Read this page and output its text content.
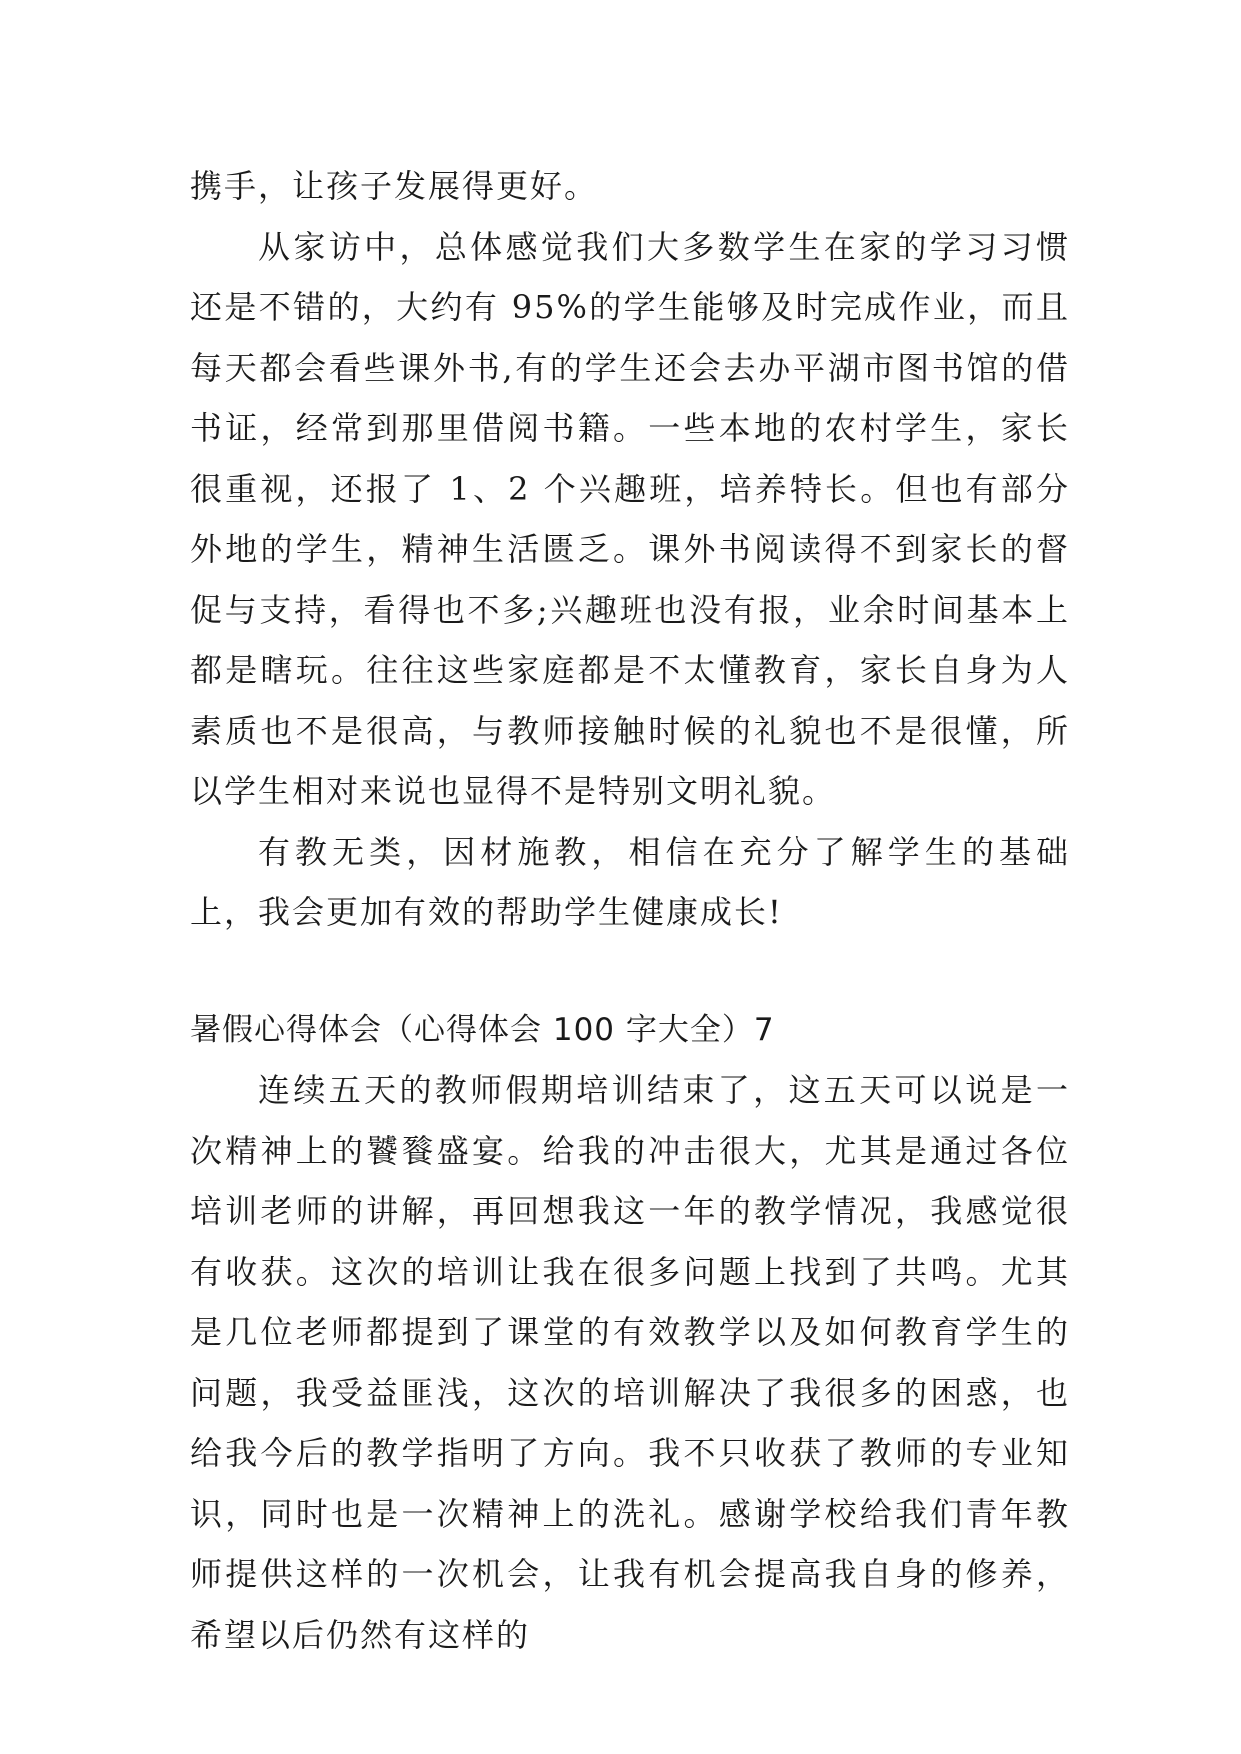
携手，让孩子发展得更好。

从家访中，总体感觉我们大多数学生在家的学习习惯还是不错的，大约有 95%的学生能够及时完成作业，而且每天都会看些课外书,有的学生还会去办平湖市图书馆的借书证，经常到那里借阅书籍。一些本地的农村学生，家长很重视，还报了 1、2 个兴趣班，培养特长。但也有部分外地的学生，精神生活匮乏。课外书阅读得不到家长的督促与支持，看得也不多;兴趣班也没有报，业余时间基本上都是瞎玩。往往这些家庭都是不太懂教育，家长自身为人素质也不是很高，与教师接触时候的礼貌也不是很懂，所以学生相对来说也显得不是特别文明礼貌。

有教无类，因材施教，相信在充分了解学生的基础上，我会更加有效的帮助学生健康成长!

暑假心得体会（心得体会 100 字大全）7

连续五天的教师假期培训结束了，这五天可以说是一次精神上的饕餮盛宴。给我的冲击很大，尤其是通过各位培训老师的讲解，再回想我这一年的教学情况，我感觉很有收获。这次的培训让我在很多问题上找到了共鸣。尤其是几位老师都提到了课堂的有效教学以及如何教育学生的问题，我受益匪浅，这次的培训解决了我很多的困惑，也给我今后的教学指明了方向。我不只收获了教师的专业知识，同时也是一次精神上的洗礼。感谢学校给我们青年教师提供这样的一次机会，让我有机会提高我自身的修养，希望以后仍然有这样的
